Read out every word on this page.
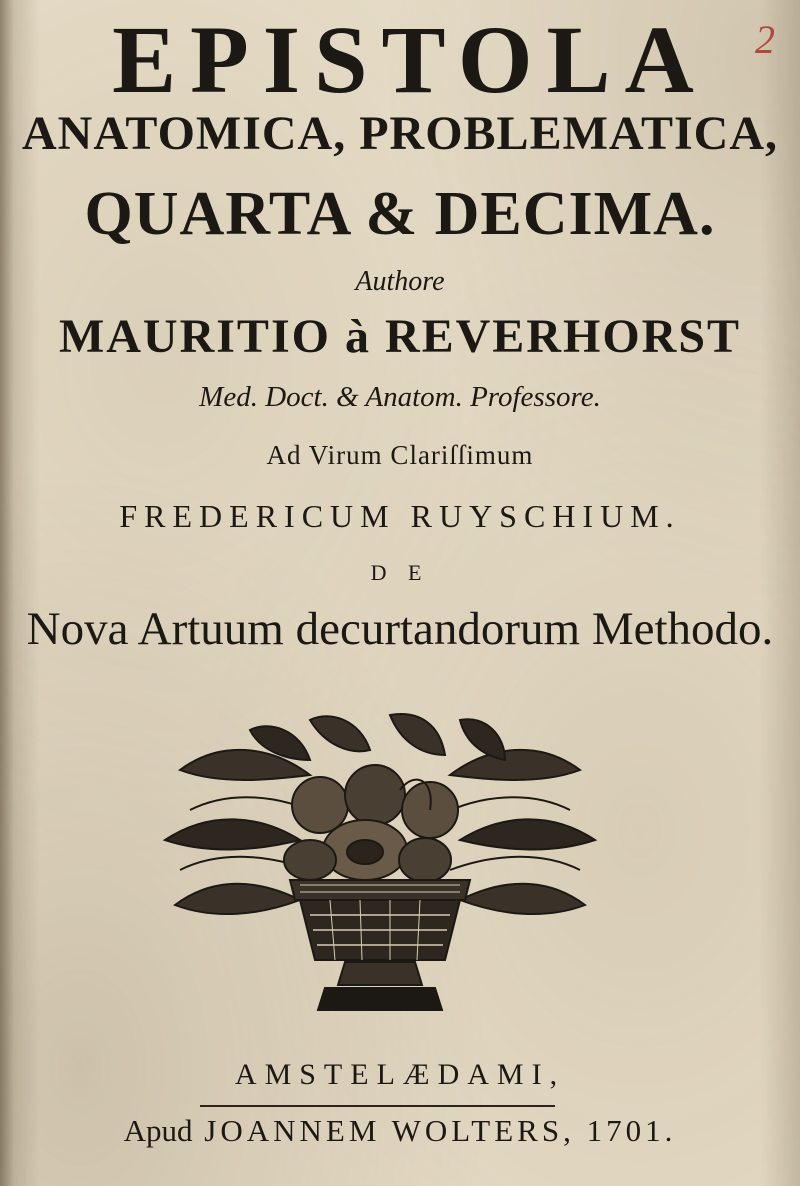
2
EPISTOLA
ANATOMICA, PROBLEMATICA,
QUARTA & DECIMA.
Authore
MAURITIO à REVERHORST
Med. Doct. & Anatom. Professore.
Ad Virum Clariſſimum
FREDERICUM RUYSCHIUM.
D E
Nova Artuum decurtandorum Methodo.
AMSTELÆDAMI,
Apud JOANNEM WOLTERS, 1701.
